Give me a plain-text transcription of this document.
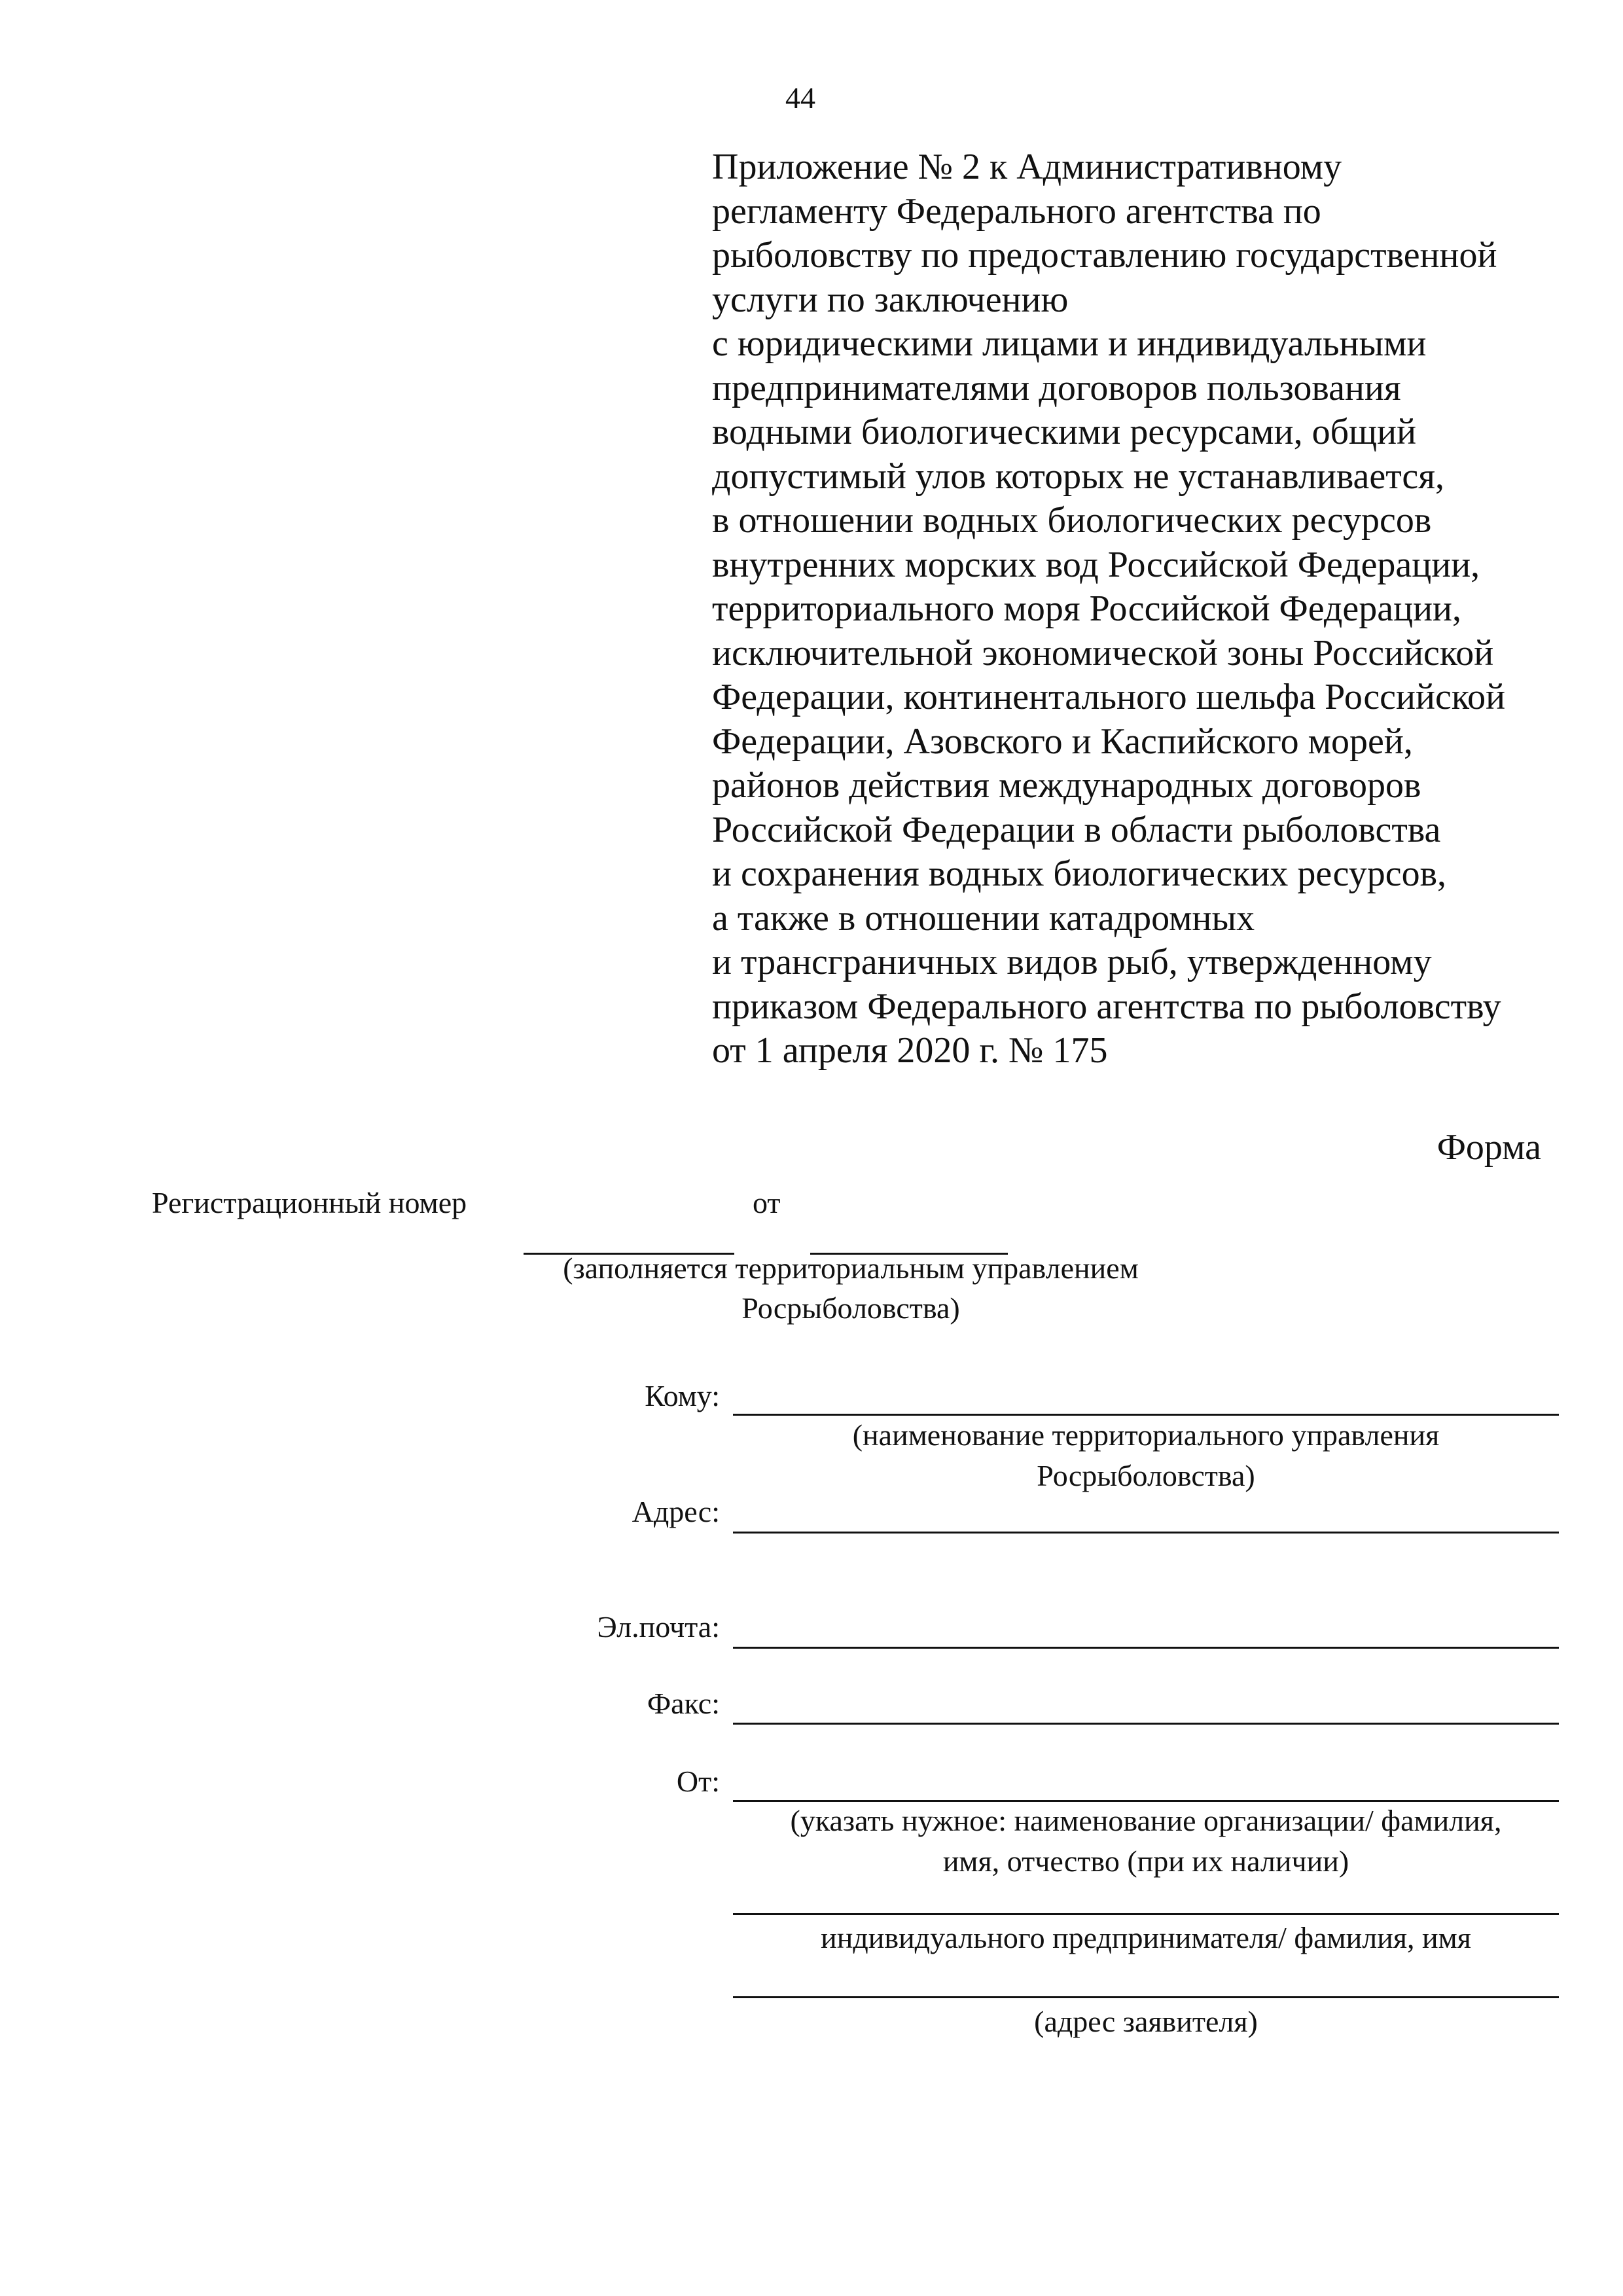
44
Приложение № 2 к Административному
регламенту Федерального агентства по
рыболовству по предоставлению государственной
услуги по заключению
с юридическими лицами и индивидуальными
предпринимателями договоров пользования
водными биологическими ресурсами, общий
допустимый улов которых не устанавливается,
в отношении водных биологических ресурсов
внутренних морских вод Российской Федерации,
территориального моря Российской Федерации,
исключительной экономической зоны Российской
Федерации, континентального шельфа Российской
Федерации, Азовского и Каспийского морей,
районов действия международных договоров
Российской Федерации в области рыболовства
и сохранения водных биологических ресурсов,
а также в отношении катадромных
и трансграничных видов рыб, утвержденному
приказом Федерального агентства по рыболовству
от 1 апреля 2020 г. № 175
Форма
Регистрационный номер	от
(заполняется территориальным управлением
Росрыболовства)
Кому:
(наименование территориального управления
Росрыболовства)
Адрес:
Эл.почта:
Факс:
От:
(указать нужное: наименование организации/ фамилия,
имя, отчество (при их наличии)
индивидуального предпринимателя/ фамилия, имя
(адрес заявителя)
